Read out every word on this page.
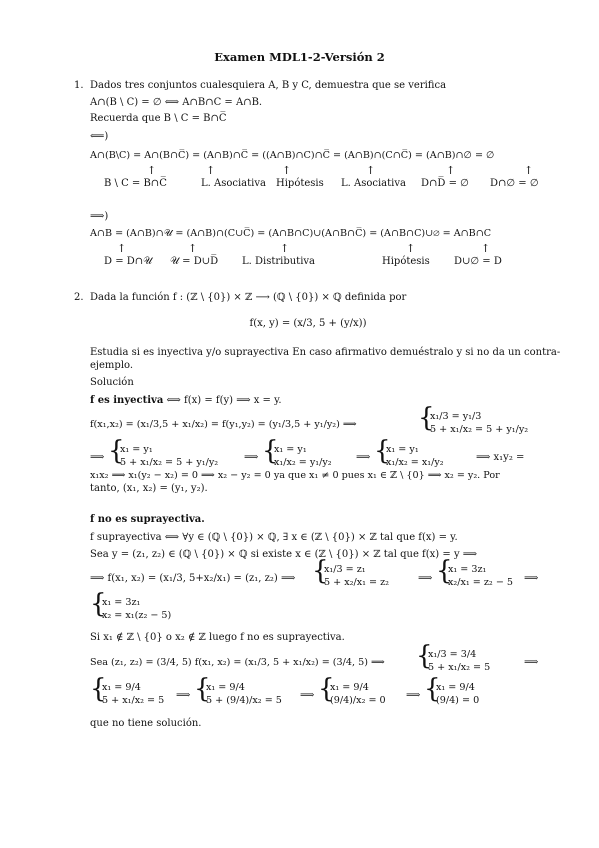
Examen MDL1-2-Versión 2
1. Dados tres conjuntos cualesquiera A, B y C, demuestra que se verifica
A∩(B \ C) = ∅ ⟺ A∩B∩C = A∩B.
Recuerda que B \ C = B∩C̅
⟸)
A∩(B\C) = A∩(B∩C̅) = (A∩B)∩C̅ = ((A∩B)∩C)∩C̅ = (A∩B)∩(C∩C̅) = (A∩B)∩∅ = ∅
↑	↑	↑	↑	↑	↑
B \ C = B∩C̅	L. Asociativa Hipótesis L. Asociativa D∩D̅ = ∅ D∩∅ = ∅
⟹)
A∩B = (A∩B)∩𝒰 = (A∩B)∩(C∪C̅) = (A∩B∩C)∪(A∩B∩C̅) = (A∩B∩C)∪∅ = A∩B∩C
↑	↑	↑	↑	↑
D = D∩𝒰 𝒰 = D∪D̅ L. Distributiva	Hipótesis D∪∅ = D
2. Dada la función f : (ℤ \ {0}) × ℤ ⟶ (ℚ \ {0}) × ℚ definida por
f(x, y) = (x/3, 5 + (y/x))
Estudia si es inyectiva y/o suprayectiva En caso afirmativo demuéstralo y si no da un contra-
ejemplo.
Solución
f es inyectiva ⟺ f(x) = f(y) ⟹ x = y.
f(x₁,x₂) = (x₁/3,5 + x₁/x₂) = f(y₁,y₂) = (y₁/3,5 + y₁/y₂) ⟹ {
x₁/3 = y₁/3
5 + x₁/x₂ = 5 + y₁/y₂
⟹ {
x₁ = y₁
5 + x₁/x₂ = 5 + y₁/y₂	⟹ {
x₁ = y₁
x₁/x₂ = y₁/y₂ ⟹ {
x₁ = y₁
x₁/x₂ = x₁/y₂	⟹ x₁y₂ =
x₁x₂ ⟹ x₁(y₂ − x₂) = 0 ⟹ x₂ − y₂ = 0 ya que x₁ ≠ 0 pues x₁ ∈ ℤ \ {0} ⟹ x₂ = y₂. Por
tanto, (x₁, x₂) = (y₁, y₂).
f no es suprayectiva.
f suprayectiva ⟺ ∀y ∈ (ℚ \ {0}) × ℚ, ∃ x ∈ (ℤ \ {0}) × ℤ tal que f(x) = y.
Sea y = (z₁, z₂) ∈ (ℚ \ {0}) × ℚ si existe x ∈ (ℤ \ {0}) × ℤ tal que f(x) = y ⟹
⟹ f(x₁, x₂) = (x₁/3, 5+x₂/x₁) = (z₁, z₂) ⟹ {
x₁/3 = z₁
5 + x₂/x₁ = z₂	⟹ {
x₁ = 3z₁
x₂/x₁ = z₂ − 5 ⟹
{
x₁ = 3z₁
x₂ = x₁(z₂ − 5)
Si x₁ ∉ ℤ \ {0} o x₂ ∉ ℤ luego f no es suprayectiva.
Sea (z₁, z₂) = (3/4, 5) f(x₁, x₂) = (x₁/3, 5 + x₁/x₂) = (3/4, 5) ⟹ {
x₁/3 = 3/4
5 + x₁/x₂ = 5	⟹
{
x₁ = 9/4
5 + x₁/x₂ = 5 ⟹ {
x₁ = 9/4
5 + (9/4)/x₂ = 5 ⟹ {
x₁ = 9/4
(9/4)/x₂ = 0 ⟹ {
x₁ = 9/4
(9/4) = 0
que no tiene solución.
